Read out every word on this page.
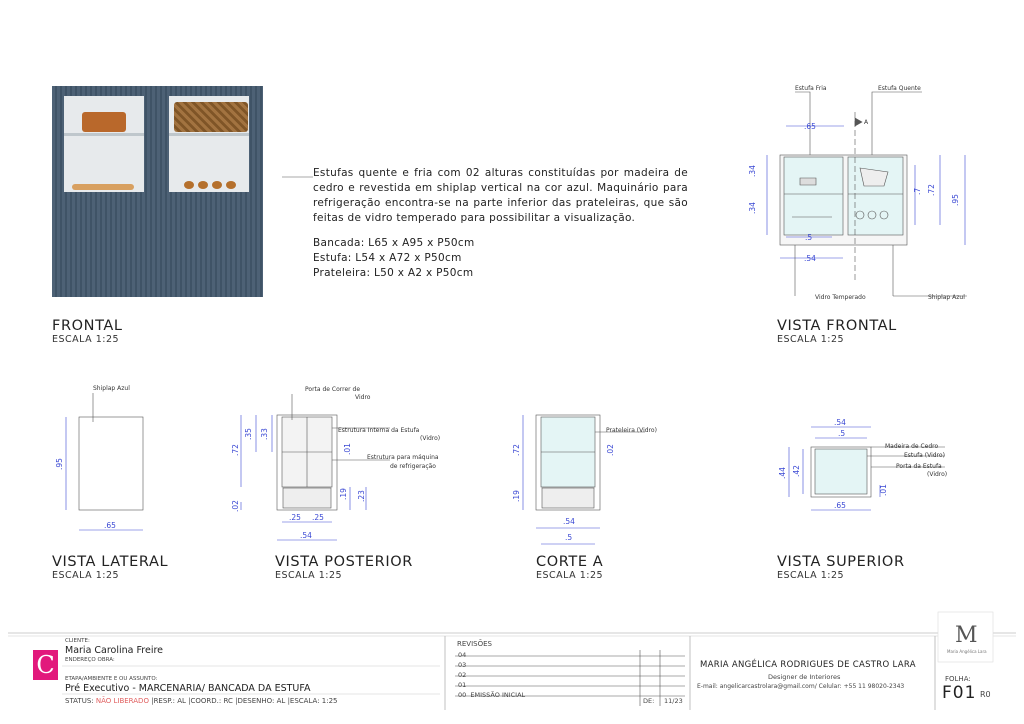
Estufas quente e fria com 02 alturas constituídas por madeira de cedro e revestida em shiplap vertical na cor azul. Maquinário para refrigeração encontra-se na parte inferior das prateleiras, que são feitas de vidro temperado para possibilitar a visualização.

Bancada: L65 x A95 x P50cm

Estufa: L54 x A72 x P50cm

Prateleira: L50 x A2 x P50cm

FRONTAL
ESCALA 1:25
VISTA FRONTAL
ESCALA 1:25
VISTA LATERAL
ESCALA 1:25
VISTA POSTERIOR
ESCALA 1:25
CORTE A
ESCALA 1:25
VISTA SUPERIOR
ESCALA 1:25
.65
.34
.34
.5
.54
.7 .72
.95
.95
.65
.35 .33
.72	.01
.02
.19 .23
.25 .25
.54
.72	.02
.19
.54
.5
.54
.5
.44 .42
.01
.65
Estufa Fria	Estufa Quente
A
Vidro Temperado	Shiplap Azul
Shiplap Azul	Porta de Correr de
Vidro
Estrutura Interna da Estufa
(Vidro)
Estrutura para máquina
de refrigeração
Prateleira (Vidro)
Madeira de Cedro
Estufa (Vidro)
Porta da Estufa
(Vidro)
C
CLIENTE:
Maria Carolina Freire
ENDEREÇO OBRA:
ETAPA/AMBIENTE E OU ASSUNTO:
Pré Executivo - MARCENARIA/ BANCADA DA ESTUFA
STATUS: NÃO LIBERADO |RESP.: AL |COORD.: RC |DESENHO: AL |ESCALA: 1:25
REVISÕES
04
03
02
01
00 EMISSÃO INICIAL
DE: 11/23
MARIA ANGÉLICA RODRIGUES DE CASTRO LARA
Designer de Interiores
E-mail: angelicarcastrolara@gmail.com/ Celular: +55 11 98020-2343
M
Maria Angélica Lara
FOLHA:
F01 R0
